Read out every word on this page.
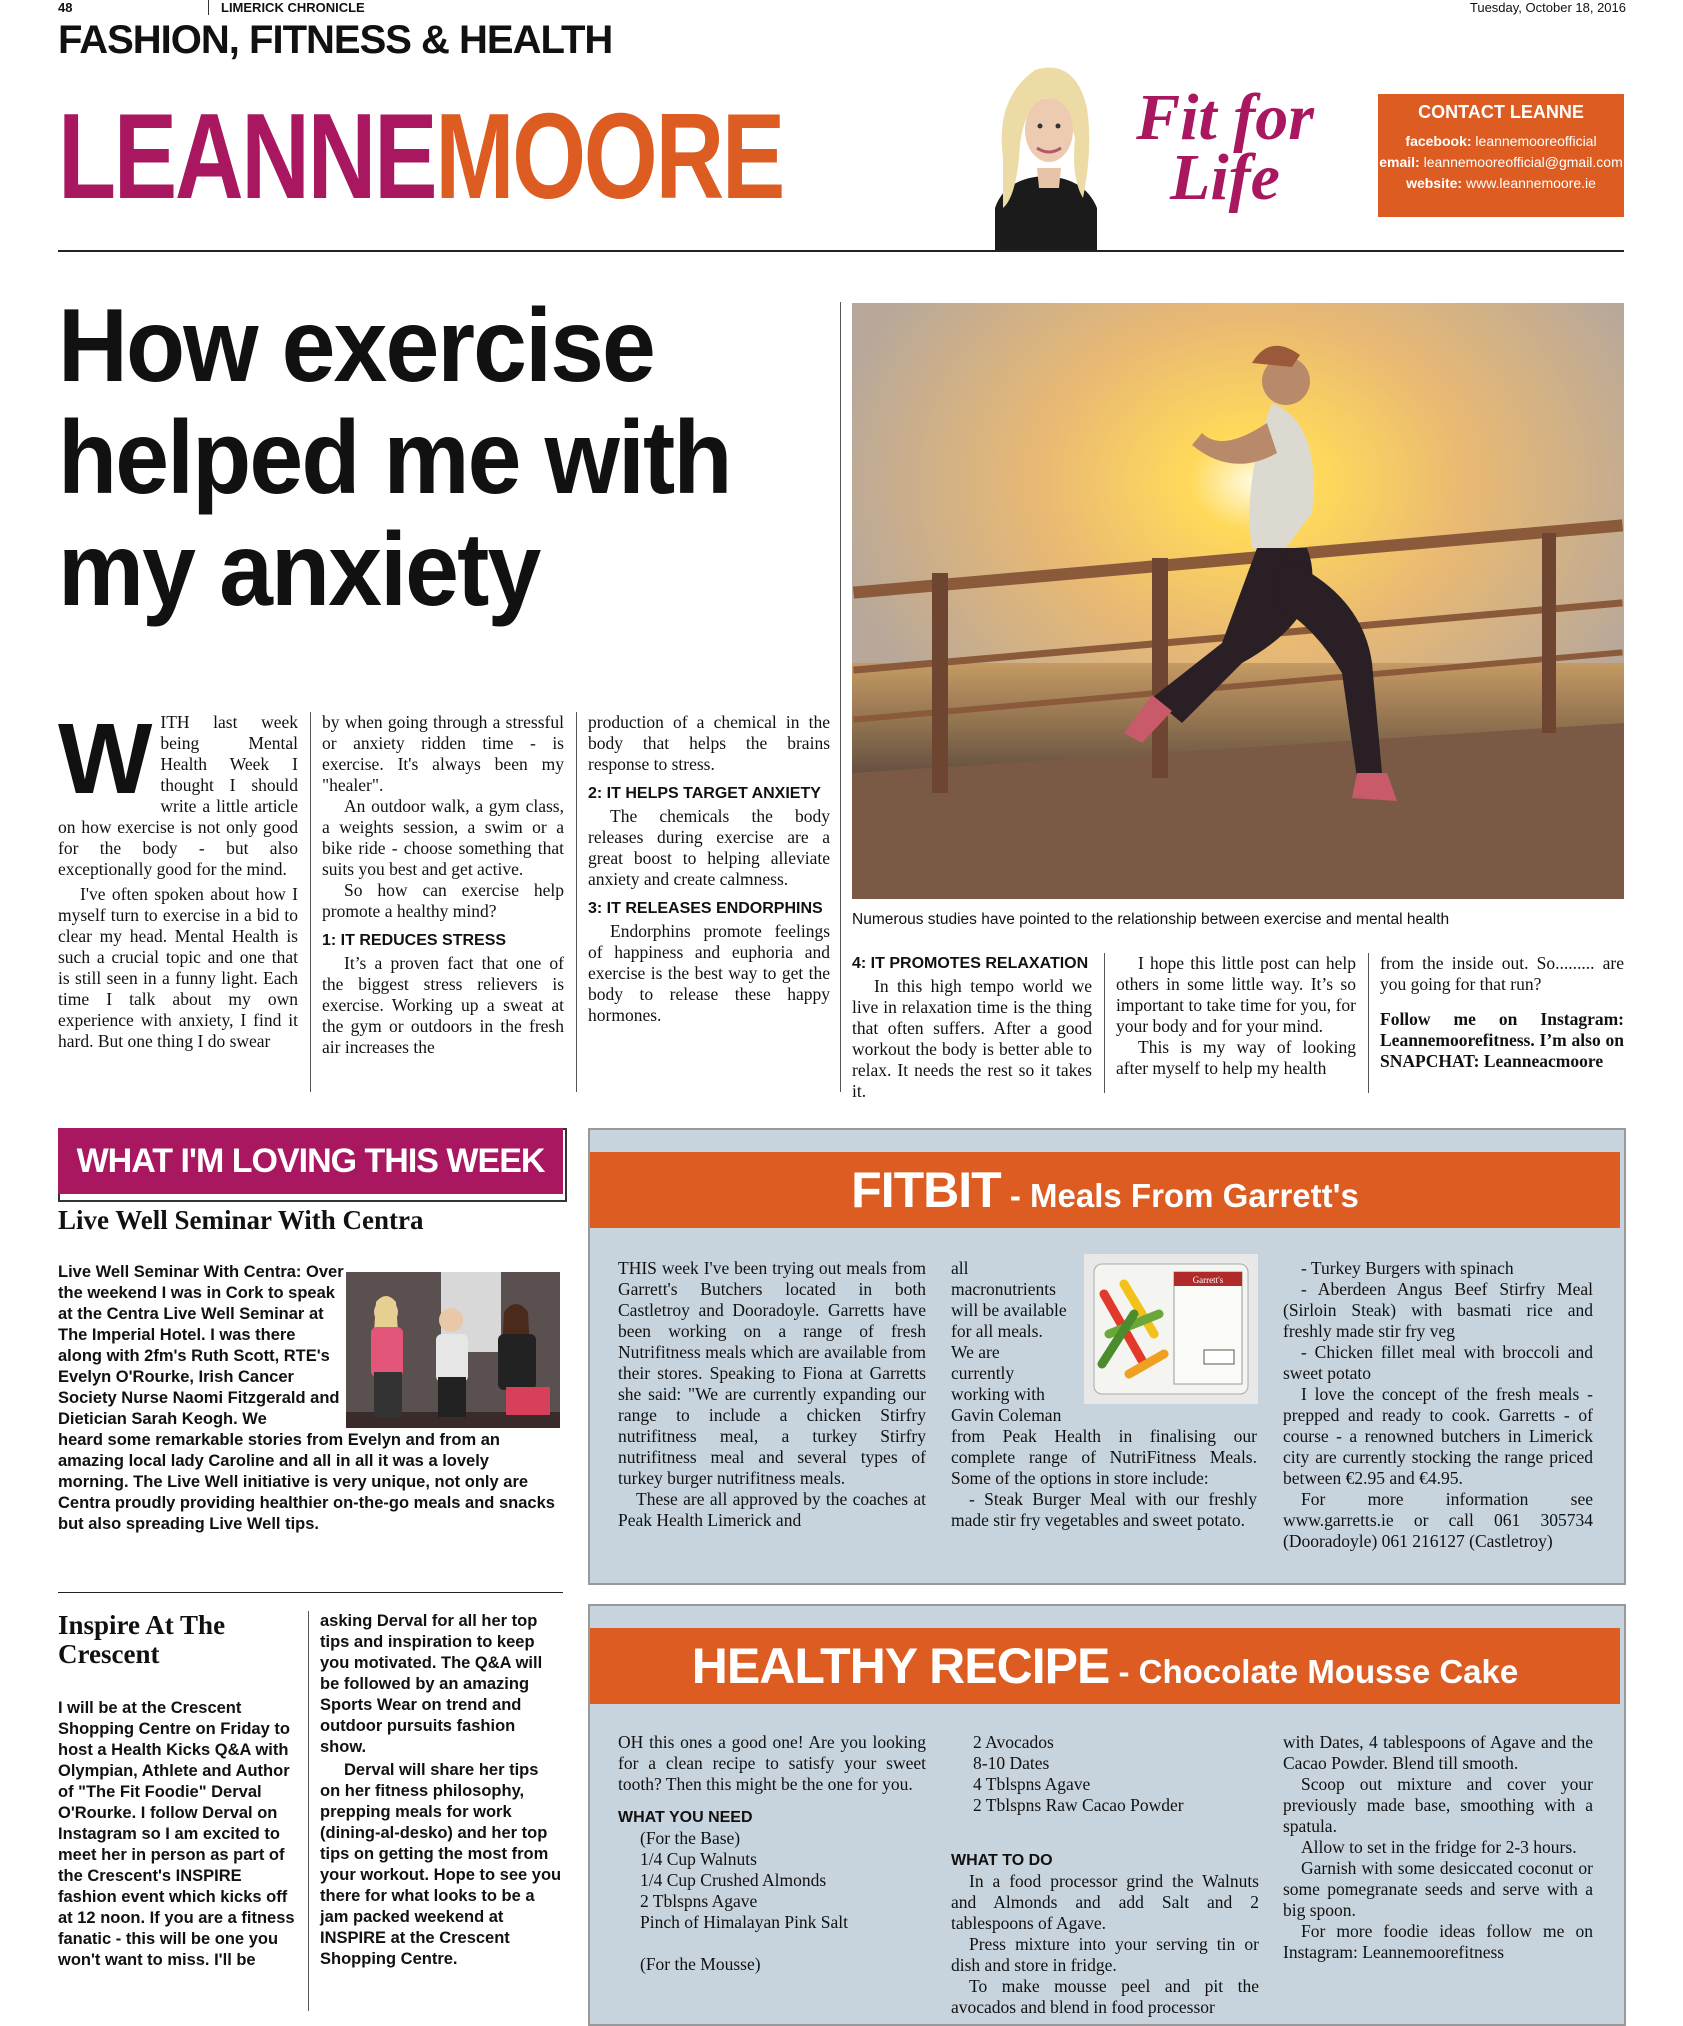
48	LIMERICK CHRONICLE	Tuesday, October 18, 2016
FASHION, FITNESS & HEALTH
LEANNEMOORE	Fit for
Life
CONTACT LEANNE
facebook: leannemooreofficial
email: leannemooreofficial@gmail.com
website: www.leannemoore.ie
How exercise
helped me with
my anxiety
Numerous studies have pointed to the relationship between exercise and mental health

WITH last week being Mental Health Week I thought I should write a little article on how exercise is not only good for the body - but also exceptionally good for the mind.

I've often spoken about how I myself turn to exercise in a bid to clear my head. Mental Health is such a crucial topic and one that is still seen in a funny light. Each time I talk about my own experience with anxiety, I find it hard. But one thing I do swear

by when going through a stressful or anxiety ridden time - is exercise. It's always been my "healer".

An outdoor walk, a gym class, a weights session, a swim or a bike ride - choose something that suits you best and get active.

So how can exercise help promote a healthy mind?

1: IT REDUCES STRESS

It’s a proven fact that one of the biggest stress relievers is exercise. Working up a sweat at the gym or outdoors in the fresh air increases the

production of a chemical in the body that helps the brains response to stress.

2: IT HELPS TARGET ANXIETY

The chemicals the body releases during exercise are a great boost to helping alleviate anxiety and create calmness.

3: IT RELEASES ENDORPHINS

Endorphins promote feelings of happiness and euphoria and exercise is the best way to get the body to release these happy hormones.

4: IT PROMOTES RELAXATION

In this high tempo world we live in relaxation time is the thing that often suffers. After a good workout the body is better able to relax. It needs the rest so it takes it.

I hope this little post can help others in some little way. It’s so important to take time for you, for your body and for your mind.

This is my way of looking after myself to help my health

from the inside out. So......... are you going for that run?

Follow me on Instagram: Leannemoorefitness. I’m also on SNAPCHAT: Leanneacmoore

WHAT I'M LOVING THIS WEEK
Live Well Seminar With Centra
Live Well Seminar With Centra: Over the weekend I was in Cork to speak at the Centra Live Well Seminar at The Imperial Hotel. I was there along with 2fm's Ruth Scott, RTE's Evelyn O'Rourke, Irish Cancer Society Nurse Naomi Fitzgerald and Dietician Sarah Keogh. We
heard some remarkable stories from Evelyn and from an amazing local lady Caroline and all in all it was a lovely morning. The Live Well initiative is very unique, not only are Centra proudly providing healthier on-the-go meals and snacks but also spreading Live Well tips.
Inspire At The Crescent
I will be at the Crescent Shopping Centre on Friday to host a Health Kicks Q&A with Olympian, Athlete and Author of "The Fit Foodie" Derval O'Rourke. I follow Derval on Instagram so I am excited to meet her in person as part of the Crescent's INSPIRE fashion event which kicks off at 12 noon. If you are a fitness fanatic - this will be one you won't want to miss. I'll be
asking Derval for all her top tips and inspiration to keep you motivated. The Q&A will be followed by an amazing Sports Wear on trend and outdoor pursuits fashion show.
Derval will share her tips on her fitness philosophy, prepping meals for work (dining-al-desko) and her top tips on getting the most from your workout. Hope to see you there for what looks to be a jam packed weekend at INSPIRE at the Crescent Shopping Centre.
FITBIT - Meals From Garrett's

THIS week I've been trying out meals from Garrett's Butchers located in both Castletroy and Dooradoyle. Garretts have been working on a range of fresh Nutrifitness meals which are available from their stores. Speaking to Fiona at Garretts she said: "We are currently expanding our range to include a chicken Stirfry nutrifitness meal, a turkey Stirfry nutrifitness meal and several types of turkey burger nutrifitness meals.

These are all approved by the coaches at Peak Health Limerick and

all macronutrients will be available for all meals. We are currently working with Gavin Coleman

from Peak Health in finalising our complete range of NutriFitness Meals. Some of the options in store include:

- Steak Burger Meal with our freshly made stir fry vegetables and sweet potato.

Garrett's

- Turkey Burgers with spinach

- Aberdeen Angus Beef Stirfry Meal (Sirloin Steak) with basmati rice and freshly made stir fry veg

- Chicken fillet meal with broccoli and sweet potato

I love the concept of the fresh meals - prepped and ready to cook. Garretts - of course - a renowned butchers in Limerick city are currently stocking the range priced between €2.95 and €4.95.

For more information see www.garretts.ie or call 061 305734 (Dooradoyle) 061 216127 (Castletroy)

HEALTHY RECIPE - Chocolate Mousse Cake

OH this ones a good one! Are you looking for a clean recipe to satisfy your sweet tooth? Then this might be the one for you.

WHAT YOU NEED
(For the Base)
1/4 Cup Walnuts
1/4 Cup Crushed Almonds
2 Tblspns Agave
Pinch of Himalayan Pink Salt
(For the Mousse)
2 Avocados
8-10 Dates
4 Tblspns Agave
2 Tblspns Raw Cacao Powder
WHAT TO DO

In a food processor grind the Walnuts and Almonds and add Salt and 2 tablespoons of Agave.

Press mixture into your serving tin or dish and store in fridge.

To make mousse peel and pit the avocados and blend in food processor

with Dates, 4 tablespoons of Agave and the Cacao Powder. Blend till smooth.

Scoop out mixture and cover your previously made base, smoothing with a spatula.

Allow to set in the fridge for 2-3 hours.

Garnish with some desiccated coconut or some pomegranate seeds and serve with a big spoon.

For more foodie ideas follow me on Instagram: Leannemoorefitness
